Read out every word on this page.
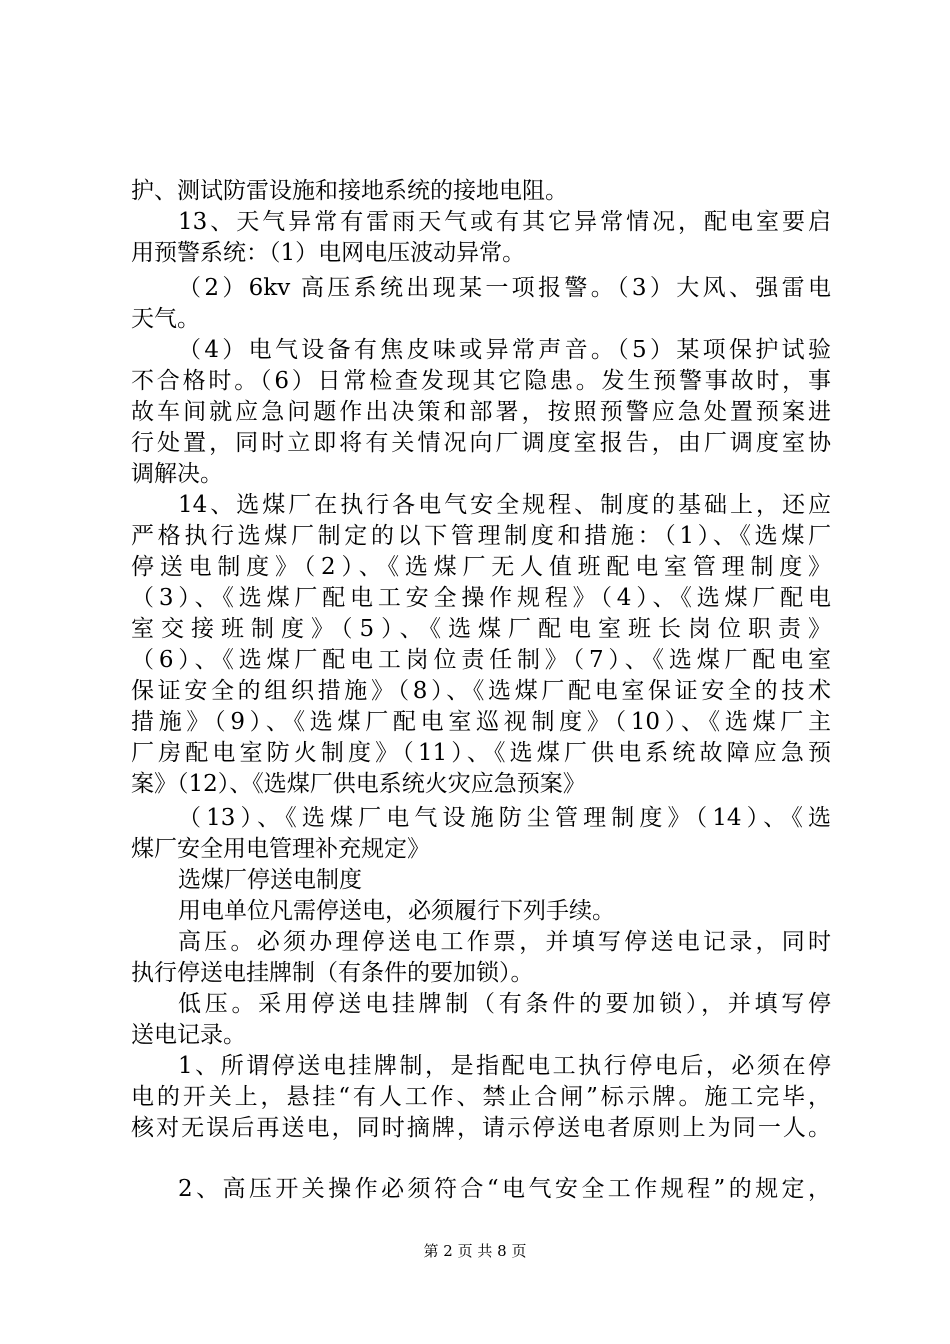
护、测试防雷设施和接地系统的接地电阻。
13、天气异常有雷雨天气或有其它异常情况，配电室要启
用预警系统：（1）电网电压波动异常。
（2）6kv 高压系统出现某一项报警。（3）大风、强雷电
天气。
（4）电气设备有焦皮味或异常声音。（5）某项保护试验
不合格时。（6）日常检查发现其它隐患。发生预警事故时，事
故车间就应急问题作出决策和部署，按照预警应急处置预案进
行处置，同时立即将有关情况向厂调度室报告，由厂调度室协
调解决。
14、选煤厂在执行各电气安全规程、制度的基础上，还应
严格执行选煤厂制定的以下管理制度和措施：（1）、《选煤厂
停送电制度》（2）、《选煤厂无人值班配电室管理制度》
（3）、《选煤厂配电工安全操作规程》（4）、《选煤厂配电
室交接班制度》（5）、《选煤厂配电室班长岗位职责》
（6）、《选煤厂配电工岗位责任制》（7）、《选煤厂配电室
保证安全的组织措施》（8）、《选煤厂配电室保证安全的技术
措施》（9）、《选煤厂配电室巡视制度》（10）、《选煤厂主
厂房配电室防火制度》（11）、《选煤厂供电系统故障应急预
案》（12）、《选煤厂供电系统火灾应急预案》
（13）、《选煤厂电气设施防尘管理制度》（14）、《选
煤厂安全用电管理补充规定》
选煤厂停送电制度
用电单位凡需停送电，必须履行下列手续。
高压。必须办理停送电工作票，并填写停送电记录，同时
执行停送电挂牌制（有条件的要加锁）。
低压。采用停送电挂牌制（有条件的要加锁），并填写停
送电记录。
1、所谓停送电挂牌制，是指配电工执行停电后，必须在停
电的开关上，悬挂“有人工作、禁止合闸”标示牌。施工完毕，
核对无误后再送电，同时摘牌，请示停送电者原则上为同一人。
2、高压开关操作必须符合“电气安全工作规程”的规定，
第 2 页 共 8 页
